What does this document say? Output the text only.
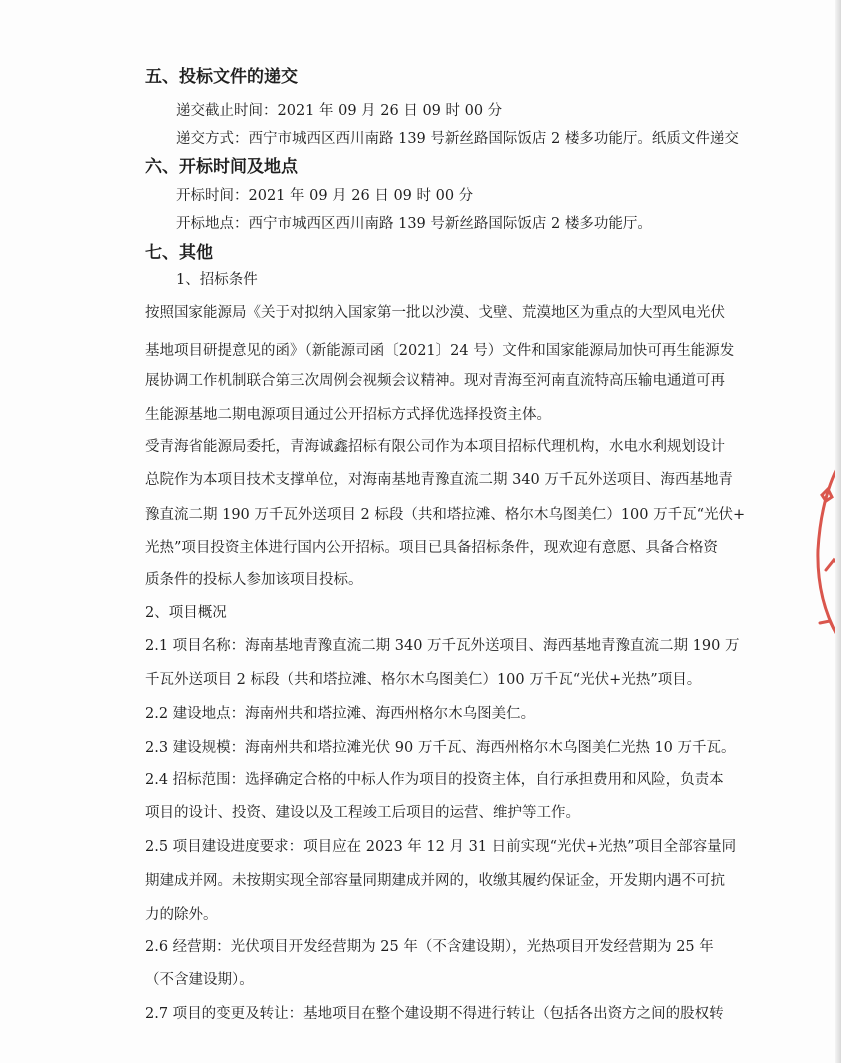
五、投标文件的递交
递交截止时间：2021 年 09 月 26 日 09 时 00 分
递交方式：西宁市城西区西川南路 139 号新丝路国际饭店 2 楼多功能厅。纸质文件递交
六、开标时间及地点
开标时间：2021 年 09 月 26 日 09 时 00 分
开标地点：西宁市城西区西川南路 139 号新丝路国际饭店 2 楼多功能厅。
七、其他
1、招标条件
按照国家能源局《关于对拟纳入国家第一批以沙漠、戈壁、荒漠地区为重点的大型风电光伏
基地项目研提意见的函》（新能源司函〔2021〕24 号）文件和国家能源局加快可再生能源发
展协调工作机制联合第三次周例会视频会议精神。现对青海至河南直流特高压输电通道可再
生能源基地二期电源项目通过公开招标方式择优选择投资主体。
受青海省能源局委托，青海诚鑫招标有限公司作为本项目招标代理机构，水电水利规划设计
总院作为本项目技术支撑单位，对海南基地青豫直流二期 340 万千瓦外送项目、海西基地青
豫直流二期 190 万千瓦外送项目 2 标段（共和塔拉滩、格尔木乌图美仁）100 万千瓦“光伏+
光热”项目投资主体进行国内公开招标。项目已具备招标条件，现欢迎有意愿、具备合格资
质条件的投标人参加该项目投标。
2、项目概况
2.1 项目名称：海南基地青豫直流二期 340 万千瓦外送项目、海西基地青豫直流二期 190 万
千瓦外送项目 2 标段（共和塔拉滩、格尔木乌图美仁）100 万千瓦“光伏+光热”项目。
2.2 建设地点：海南州共和塔拉滩、海西州格尔木乌图美仁。
2.3 建设规模：海南州共和塔拉滩光伏 90 万千瓦、海西州格尔木乌图美仁光热 10 万千瓦。
2.4 招标范围：选择确定合格的中标人作为项目的投资主体，自行承担费用和风险，负责本
项目的设计、投资、建设以及工程竣工后项目的运营、维护等工作。
2.5 项目建设进度要求：项目应在 2023 年 12 月 31 日前实现“光伏+光热”项目全部容量同
期建成并网。未按期实现全部容量同期建成并网的，收缴其履约保证金，开发期内遇不可抗
力的除外。
2.6 经营期：光伏项目开发经营期为 25 年（不含建设期），光热项目开发经营期为 25 年
（不含建设期）。
2.7 项目的变更及转让：基地项目在整个建设期不得进行转让（包括各出资方之间的股权转
